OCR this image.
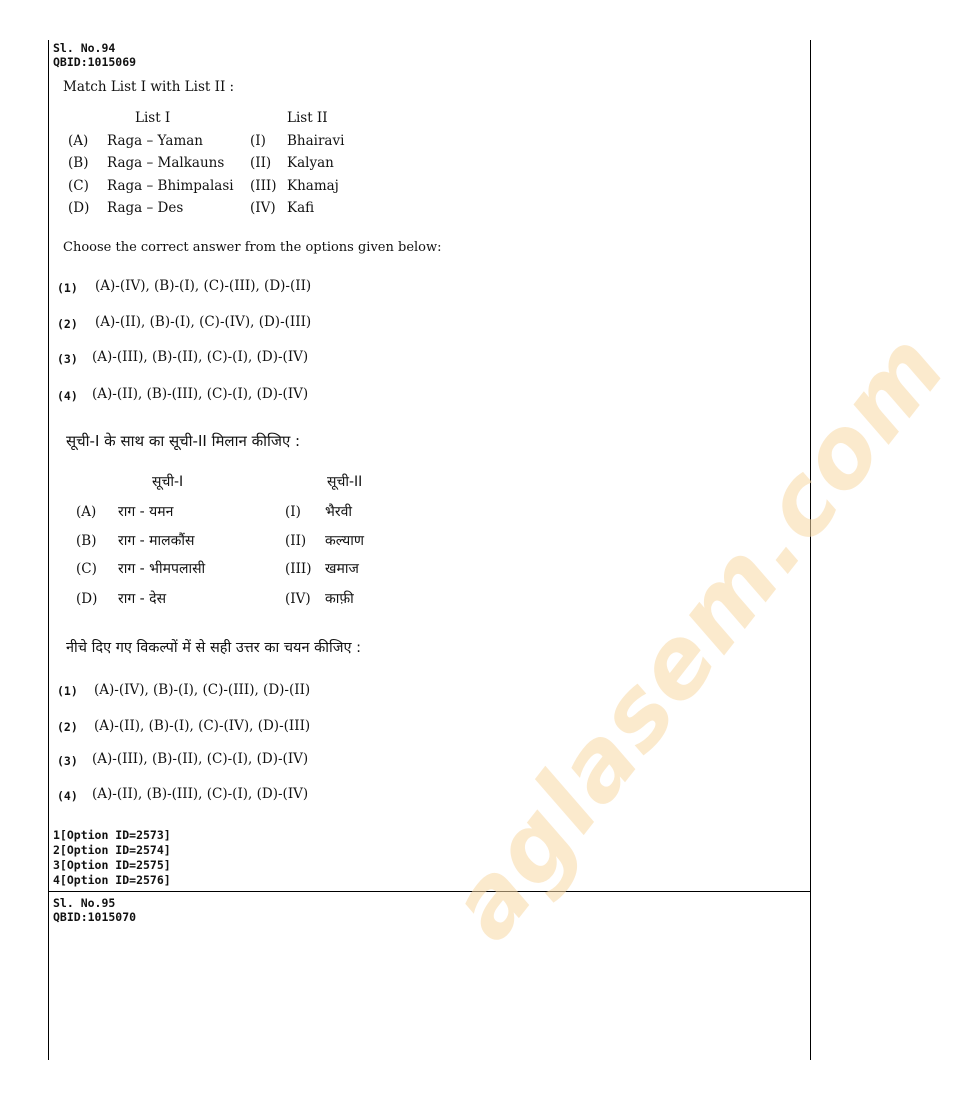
aglasem.com
Sl. No.94
QBID:1015069
Match List I with List II :
List I	List II
(A) Raga – Yaman	(I) Bhairavi
(B) Raga – Malkauns (II) Kalyan
(C) Raga – Bhimpalasi (III) Khamaj
(D) Raga – Des	(IV) Kafi
Choose the correct answer from the options given below:
(1) (A)-(IV), (B)-(I), (C)-(III), (D)-(II)
(2) (A)-(II), (B)-(I), (C)-(IV), (D)-(III)
(3) (A)-(III), (B)-(II), (C)-(I), (D)-(IV)
(4) (A)-(II), (B)-(III), (C)-(I), (D)-(IV)
सूची-I के साथ का सूची-II मिलान कीजिए :
सूची-I	सूची-II
(A) राग - यमन	(I) भैरवी
(B) राग - मालकौंस	(II) कल्याण
(C) राग - भीमपलासी	(III) खमाज
(D) राग - देस	(IV) काफ़ी
नीचे दिए गए विकल्पों में से सही उत्तर का चयन कीजिए :
(1) (A)-(IV), (B)-(I), (C)-(III), (D)-(II)
(2) (A)-(II), (B)-(I), (C)-(IV), (D)-(III)
(3) (A)-(III), (B)-(II), (C)-(I), (D)-(IV)
(4) (A)-(II), (B)-(III), (C)-(I), (D)-(IV)
1[Option ID=2573]
2[Option ID=2574]
3[Option ID=2575]
4[Option ID=2576]
Sl. No.95
QBID:1015070
